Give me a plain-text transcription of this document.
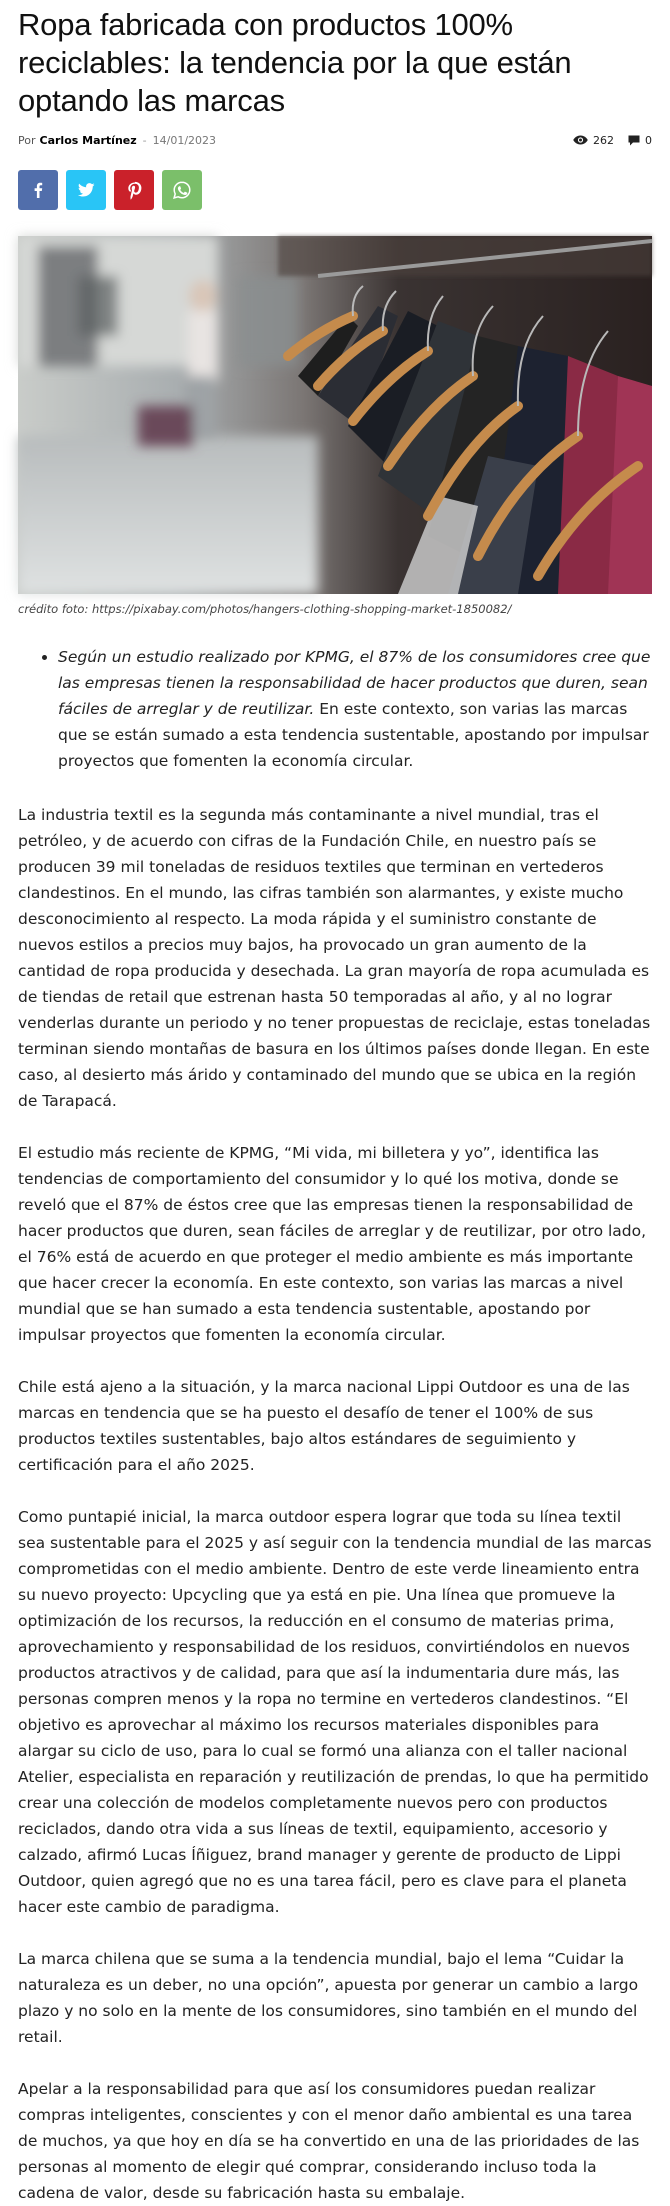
Ropa fabricada con productos 100% reciclables: la tendencia por la que están optando las marcas
Por Carlos Martínez - 14/01/2023	262	0

crédito foto: https://pixabay.com/photos/hangers-clothing-shopping-market-1850082/

• Según un estudio realizado por KPMG, el 87% de los consumidores cree que las empresas tienen la responsabilidad de hacer productos que duren, sean fáciles de arreglar y de reutilizar. En este contexto, son varias las marcas que se están sumado a esta tendencia sustentable, apostando por impulsar proyectos que fomenten la economía circular.

La industria textil es la segunda más contaminante a nivel mundial, tras el petróleo, y de acuerdo con cifras de la Fundación Chile, en nuestro país se producen 39 mil toneladas de residuos textiles que terminan en vertederos clandestinos. En el mundo, las cifras también son alarmantes, y existe mucho desconocimiento al respecto. La moda rápida y el suministro constante de nuevos estilos a precios muy bajos, ha provocado un gran aumento de la cantidad de ropa producida y desechada. La gran mayoría de ropa acumulada es de tiendas de retail que estrenan hasta 50 temporadas al año, y al no lograr venderlas durante un periodo y no tener propuestas de reciclaje, estas toneladas terminan siendo montañas de basura en los últimos países donde llegan. En este caso, al desierto más árido y contaminado del mundo que se ubica en la región de Tarapacá.

El estudio más reciente de KPMG, “Mi vida, mi billetera y yo”, identifica las tendencias de comportamiento del consumidor y lo qué los motiva, donde se reveló que el 87% de éstos cree que las empresas tienen la responsabilidad de hacer productos que duren, sean fáciles de arreglar y de reutilizar, por otro lado, el 76% está de acuerdo en que proteger el medio ambiente es más importante que hacer crecer la economía. En este contexto, son varias las marcas a nivel mundial que se han sumado a esta tendencia sustentable, apostando por impulsar proyectos que fomenten la economía circular.

Chile está ajeno a la situación, y la marca nacional Lippi Outdoor es una de las marcas en tendencia que se ha puesto el desafío de tener el 100% de sus productos textiles sustentables, bajo altos estándares de seguimiento y certificación para el año 2025.

Como puntapié inicial, la marca outdoor espera lograr que toda su línea textil sea sustentable para el 2025 y así seguir con la tendencia mundial de las marcas comprometidas con el medio ambiente. Dentro de este verde lineamiento entra su nuevo proyecto: Upcycling que ya está en pie. Una línea que promueve la optimización de los recursos, la reducción en el consumo de materias prima, aprovechamiento y responsabilidad de los residuos, convirtiéndolos en nuevos productos atractivos y de calidad, para que así la indumentaria dure más, las personas compren menos y la ropa no termine en vertederos clandestinos. “El objetivo es aprovechar al máximo los recursos materiales disponibles para alargar su ciclo de uso, para lo cual se formó una alianza con el taller nacional Atelier, especialista en reparación y reutilización de prendas, lo que ha permitido crear una colección de modelos completamente nuevos pero con productos reciclados, dando otra vida a sus líneas de textil, equipamiento, accesorio y calzado, afirmó Lucas Íñiguez, brand manager y gerente de producto de Lippi Outdoor, quien agregó que no es una tarea fácil, pero es clave para el planeta hacer este cambio de paradigma.

La marca chilena que se suma a la tendencia mundial, bajo el lema “Cuidar la naturaleza es un deber, no una opción”, apuesta por generar un cambio a largo plazo y no solo en la mente de los consumidores, sino también en el mundo del retail.

Apelar a la responsabilidad para que así los consumidores puedan realizar compras inteligentes, conscientes y con el menor daño ambiental es una tarea de muchos, ya que hoy en día se ha convertido en una de las prioridades de las personas al momento de elegir qué comprar, considerando incluso toda la cadena de valor, desde su fabricación hasta su embalaje.
